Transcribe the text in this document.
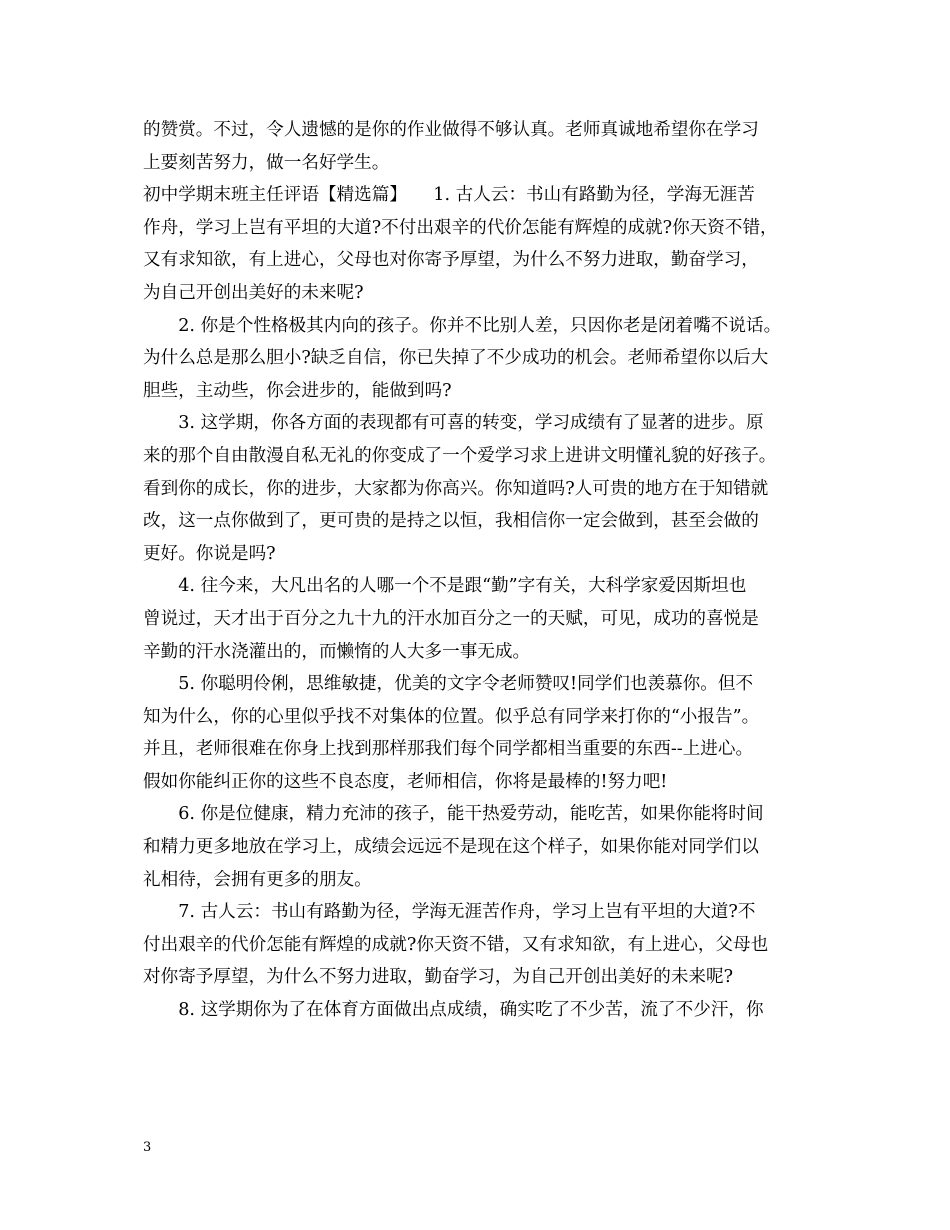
的赞赏。不过，令人遗憾的是你的作业做得不够认真。老师真诚地希望你在学习
上要刻苦努力，做一名好学生。
初中学期末班主任评语【精选篇】　　1. 古人云：书山有路勤为径，学海无涯苦
作舟，学习上岂有平坦的大道?不付出艰辛的代价怎能有辉煌的成就?你天资不错，
又有求知欲，有上进心，父母也对你寄予厚望，为什么不努力进取，勤奋学习，
为自己开创出美好的未来呢?
　　2. 你是个性格极其内向的孩子。你并不比别人差，只因你老是闭着嘴不说话。
为什么总是那么胆小?缺乏自信，你已失掉了不少成功的机会。老师希望你以后大
胆些，主动些，你会进步的，能做到吗?
　　3. 这学期，你各方面的表现都有可喜的转变，学习成绩有了显著的进步。原
来的那个自由散漫自私无礼的你变成了一个爱学习求上进讲文明懂礼貌的好孩子。
看到你的成长，你的进步，大家都为你高兴。你知道吗?人可贵的地方在于知错就
改，这一点你做到了，更可贵的是持之以恒，我相信你一定会做到，甚至会做的
更好。你说是吗?
　　4. 往今来，大凡出名的人哪一个不是跟“勤”字有关，大科学家爱因斯坦也
曾说过，天才出于百分之九十九的汗水加百分之一的天赋，可见，成功的喜悦是
辛勤的汗水浇灌出的，而懒惰的人大多一事无成。
　　5. 你聪明伶俐，思维敏捷，优美的文字令老师赞叹!同学们也羡慕你。但不
知为什么，你的心里似乎找不对集体的位置。似乎总有同学来打你的“小报告”。
并且，老师很难在你身上找到那样那我们每个同学都相当重要的东西--上进心。
假如你能纠正你的这些不良态度，老师相信，你将是最棒的!努力吧!
　　6. 你是位健康，精力充沛的孩子，能干热爱劳动，能吃苦，如果你能将时间
和精力更多地放在学习上，成绩会远远不是现在这个样子，如果你能对同学们以
礼相待，会拥有更多的朋友。
　　7. 古人云：书山有路勤为径，学海无涯苦作舟，学习上岂有平坦的大道?不
付出艰辛的代价怎能有辉煌的成就?你天资不错，又有求知欲，有上进心，父母也
对你寄予厚望，为什么不努力进取，勤奋学习，为自己开创出美好的未来呢?
　　8. 这学期你为了在体育方面做出点成绩，确实吃了不少苦，流了不少汗，你
3
